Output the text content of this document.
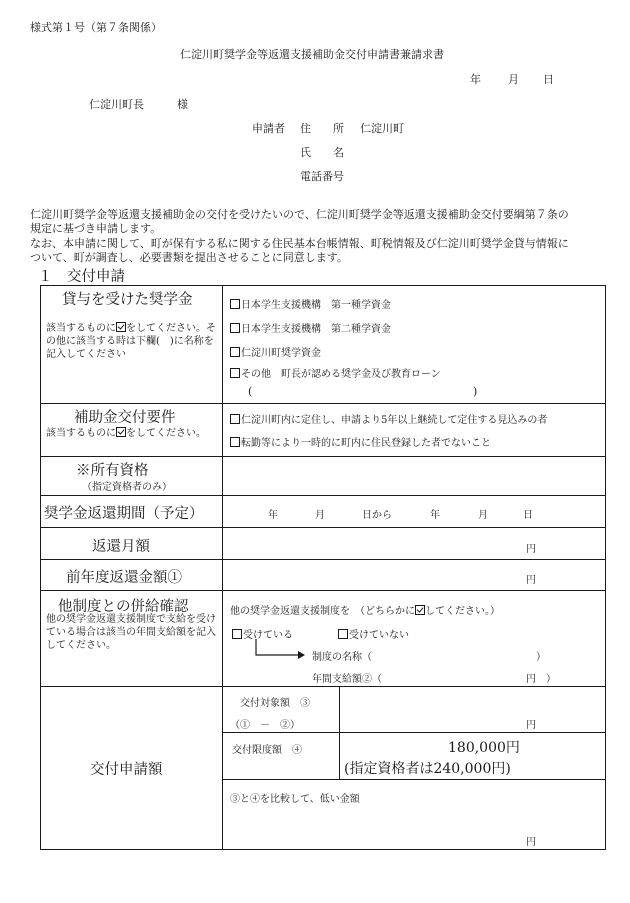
様式第１号（第７条関係）
仁淀川町奨学金等返還支援補助金交付申請書兼請求書
年 月 日
仁淀川町長　　　様
申請者 住　　所 仁淀川町
氏　　名
電話番号
仁淀川町奨学金等返還支援補助金の交付を受けたいので、仁淀川町奨学金等返還支援補助金交付要綱第７条の
規定に基づき申請します。
なお、本申請に関して、町が保有する私に関する住民基本台帳情報、町税情報及び仁淀川町奨学金貸与情報に
ついて、町が調査し、必要書類を提出させることに同意します。
１　交付申請
貸与を受けた奨学金
該当するものに をしてください。その他に該当する時は下欄(　)に名称を記入してください
日本学生支援機構　第一種学資金
日本学生支援機構　第二種学資金
仁淀川町奨学資金
その他　町長が認める奨学金及び教育ローン
(	)
補助金交付要件
該当するものに をしてください。
仁淀川町内に定住し、申請より5年以上継続して定住する見込みの者
転勤等により一時的に町内に住民登録した者でないこと
※所有資格
（指定資格者のみ）
奨学金返還期間（予定）	年	月	日から	年	月	日
返還月額	円
前年度返還金額①	円
他制度との併給確認
他の奨学金返還支援制度で支給を受けている場合は該当の年間支給額を記入してください。
他の奨学金返還支援制度を　（どちらかに してください。）
受けている	受けていない
制度の名称（	）
年間支給額②（	円　）
交付申請額
交付対象額　③
（①　－　②）	円
交付限度額　④	180,000円
(指定資格者は240,000円)
③と④を比較して、低い金額
円
